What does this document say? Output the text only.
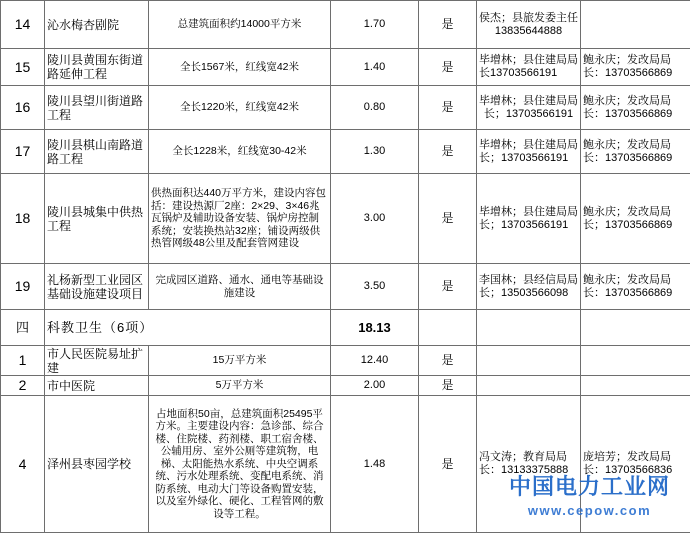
14	沁水梅杏剧院	总建筑面积约14000平方米	1.70	是	侯杰；县旅发委主任13835644888	
15	陵川县黄围东街道路延伸工程	全长1567米，红线宽42米	1.40	是	毕增林；县住建局局长13703566191	鲍永庆；发改局局长：13703566869
16	陵川县望川街道路工程	全长1220米，红线宽42米	0.80	是	毕增林；县住建局局长；13703566191	鲍永庆；发改局局长：13703566869
17	陵川县棋山南路道路工程	全长1228米，红线宽30-42米	1.30	是	毕增林；县住建局局长；13703566191	鲍永庆；发改局局长：13703566869
18	陵川县城集中供热工程	供热面积达440万平方米，建设内容包括：建设热源厂2座：2×29、3×46兆瓦锅炉及辅助设备安装、锅炉房控制系统；安装换热站32座；铺设两级供热管网级48公里及配套管网建设	3.00	是	毕增林；县住建局局长；13703566191	鲍永庆；发改局局长；13703566869
19	礼杨新型工业园区基础设施建设项目	完成园区道路、通水、通电等基础设施建设	3.50	是	李国林；县经信局局长；13503566098	鲍永庆；发改局局长：13703566869
四	科教卫生（6项）		18.13			
1	市人民医院易址扩建	15万平方米	12.40	是		
2	市中医院	5万平方米	2.00	是		
4	泽州县枣园学校	占地面积50亩，总建筑面积25495平方米。主要建设内容：急诊部、综合楼、住院楼、药剂楼、职工宿舍楼、公辅用房、室外公厕等建筑物，电梯、太阳能热水系统、中央空调系统、污水处理系统、变配电系统、消防系统、电动大门等设备购置安装，以及室外绿化、硬化、工程管网的敷设等工程。	1.48	是	冯文涛；教育局局长：13133375888	庞培芳；发改局局长：13703566836
中国电力工业网
www.cepow.com
